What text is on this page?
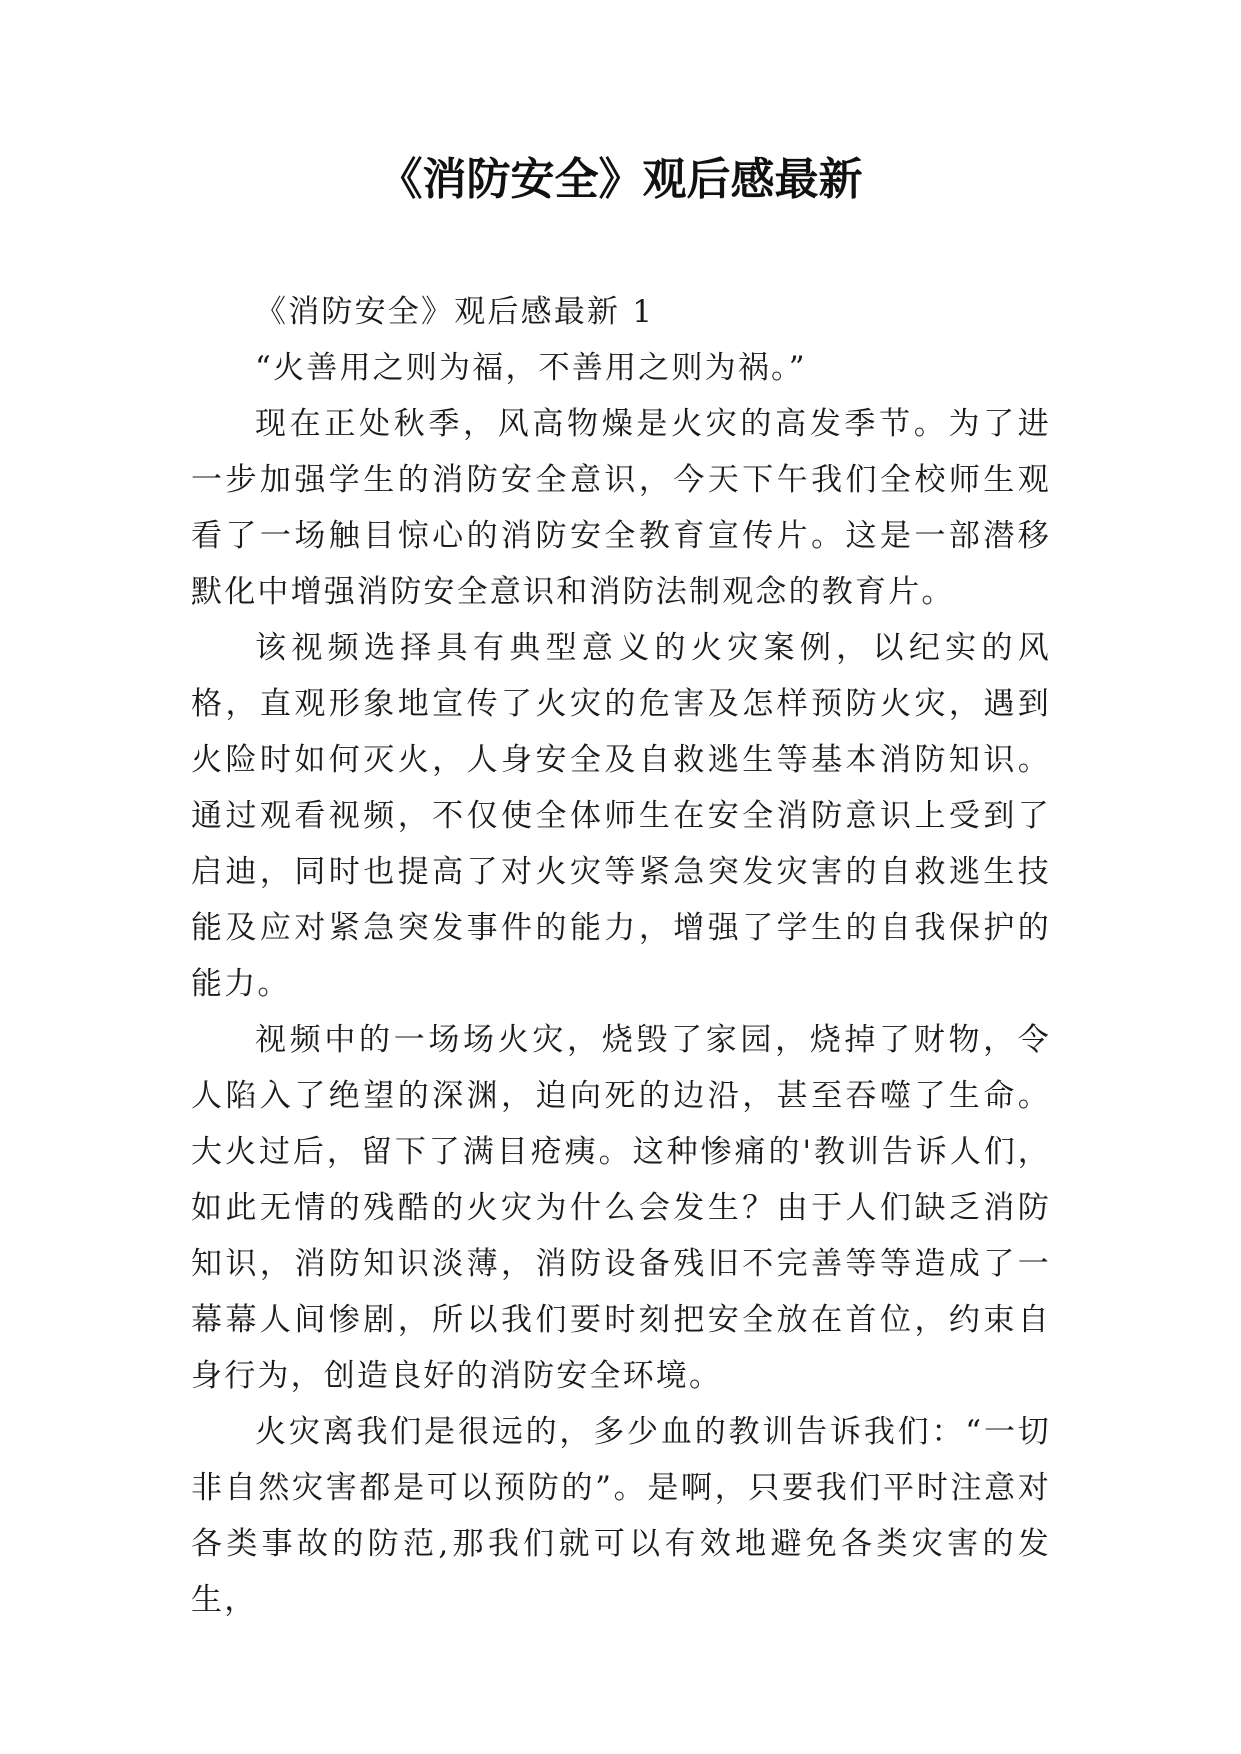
《消防安全》观后感最新

《消防安全》观后感最新 1

“火善用之则为福，不善用之则为祸。”

现在正处秋季，风高物燥是火灾的高发季节。为了进一步加强学生的消防安全意识，今天下午我们全校师生观看了一场触目惊心的消防安全教育宣传片。这是一部潜移默化中增强消防安全意识和消防法制观念的教育片。

该视频选择具有典型意义的火灾案例，以纪实的风格，直观形象地宣传了火灾的危害及怎样预防火灾，遇到火险时如何灭火，人身安全及自救逃生等基本消防知识。通过观看视频，不仅使全体师生在安全消防意识上受到了启迪，同时也提高了对火灾等紧急突发灾害的自救逃生技能及应对紧急突发事件的能力，增强了学生的自我保护的能力。

视频中的一场场火灾，烧毁了家园，烧掉了财物，令人陷入了绝望的深渊，迫向死的边沿，甚至吞噬了生命。大火过后，留下了满目疮痍。这种惨痛的'教训告诉人们，如此无情的残酷的火灾为什么会发生？由于人们缺乏消防知识，消防知识淡薄，消防设备残旧不完善等等造成了一幕幕人间惨剧，所以我们要时刻把安全放在首位，约束自身行为，创造良好的消防安全环境。

火灾离我们是很远的，多少血的教训告诉我们：“一切非自然灾害都是可以预防的”。是啊，只要我们平时注意对各类事故的防范,那我们就可以有效地避免各类灾害的发生，
